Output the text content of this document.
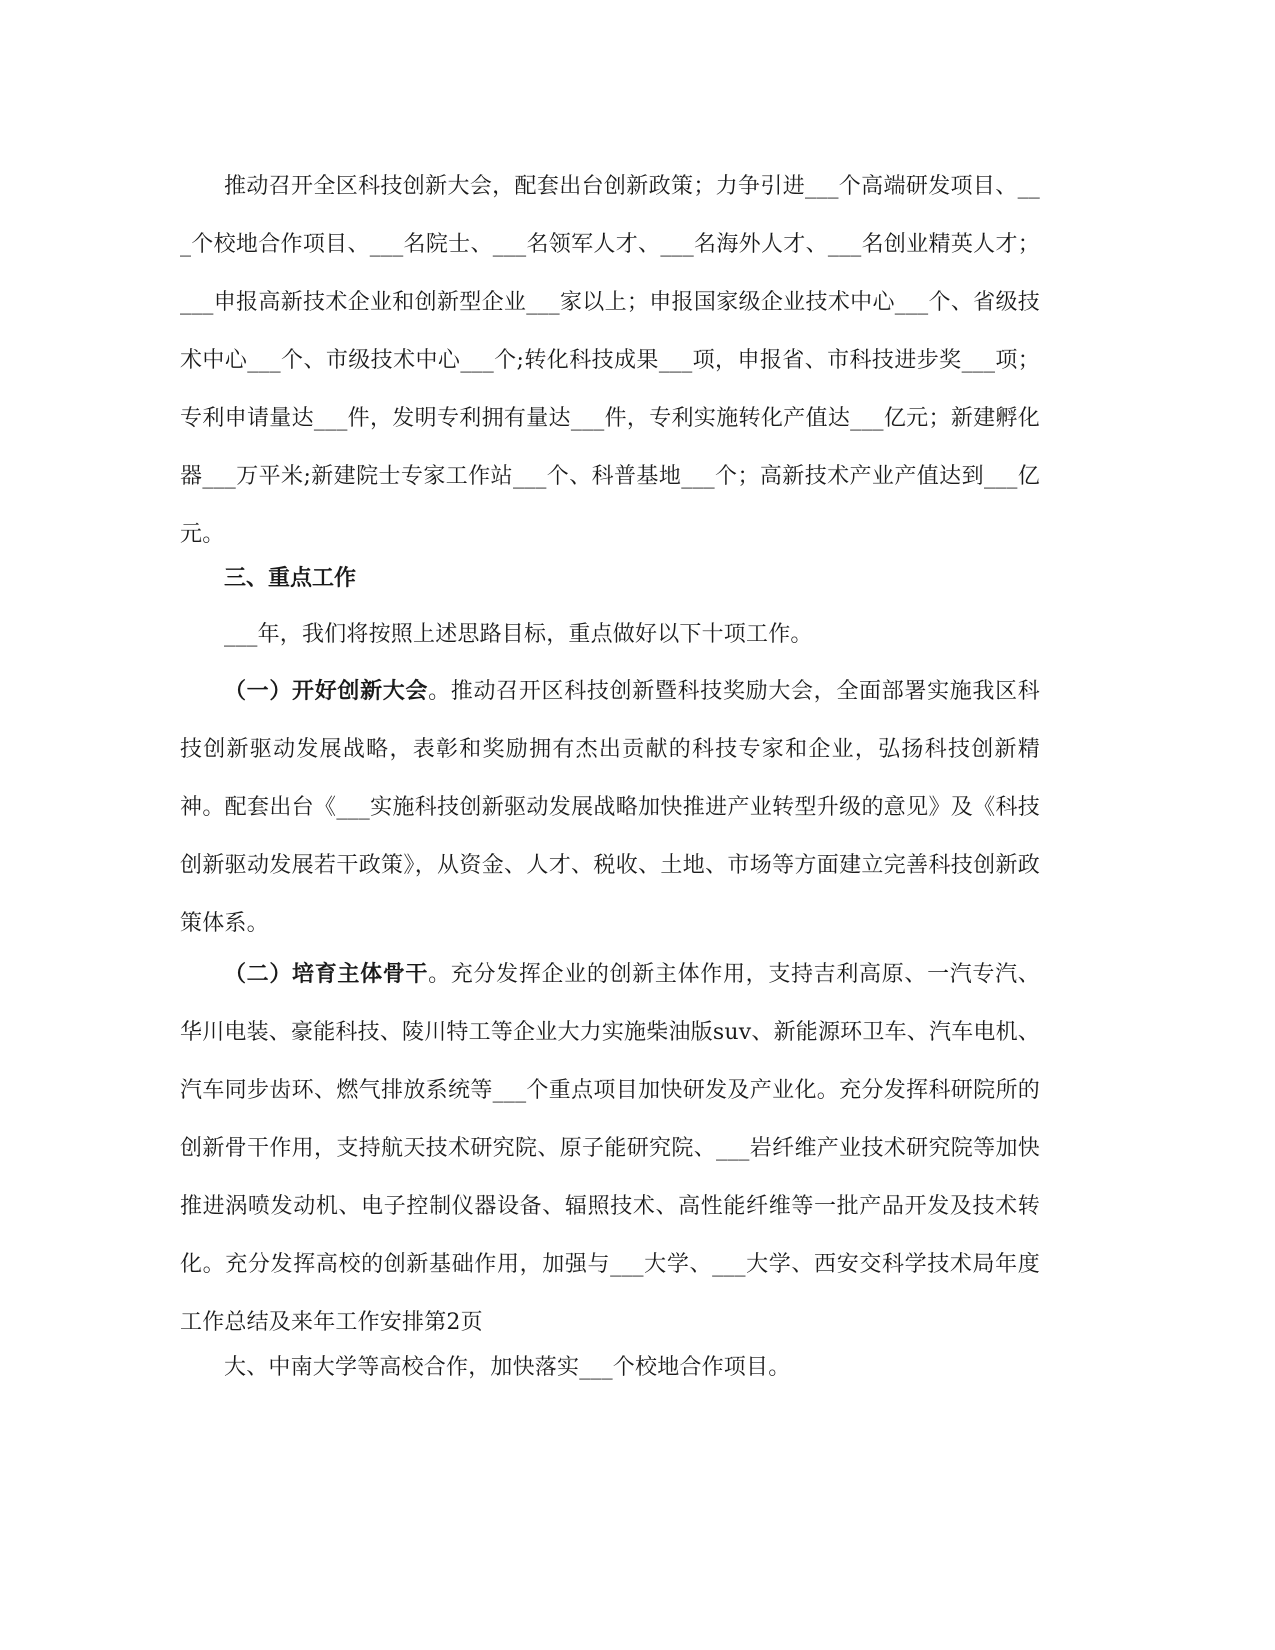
推动召开全区科技创新大会，配套出台创新政策；力争引进___个高端研发项目、___个校地合作项目、___名院士、___名领军人才、___名海外人才、___名创业精英人才；___申报高新技术企业和创新型企业___家以上；申报国家级企业技术中心___个、省级技术中心___个、市级技术中心___个;转化科技成果___项，申报省、市科技进步奖___项；专利申请量达___件，发明专利拥有量达___件，专利实施转化产值达___亿元；新建孵化器___万平米;新建院士专家工作站___个、科普基地___个；高新技术产业产值达到___亿元。

三、重点工作

___年，我们将按照上述思路目标，重点做好以下十项工作。

（一）开好创新大会。推动召开区科技创新暨科技奖励大会，全面部署实施我区科技创新驱动发展战略，表彰和奖励拥有杰出贡献的科技专家和企业，弘扬科技创新精神。配套出台《___实施科技创新驱动发展战略加快推进产业转型升级的意见》及《科技创新驱动发展若干政策》，从资金、人才、税收、土地、市场等方面建立完善科技创新政策体系。

（二）培育主体骨干。充分发挥企业的创新主体作用，支持吉利高原、一汽专汽、华川电装、豪能科技、陵川特工等企业大力实施柴油版suv、新能源环卫车、汽车电机、汽车同步齿环、燃气排放系统等___个重点项目加快研发及产业化。充分发挥科研院所的创新骨干作用，支持航天技术研究院、原子能研究院、___岩纤维产业技术研究院等加快推进涡喷发动机、电子控制仪器设备、辐照技术、高性能纤维等一批产品开发及技术转化。充分发挥高校的创新基础作用，加强与___大学、___大学、西安交科学技术局年度工作总结及来年工作安排第2页

大、中南大学等高校合作，加快落实___个校地合作项目。
